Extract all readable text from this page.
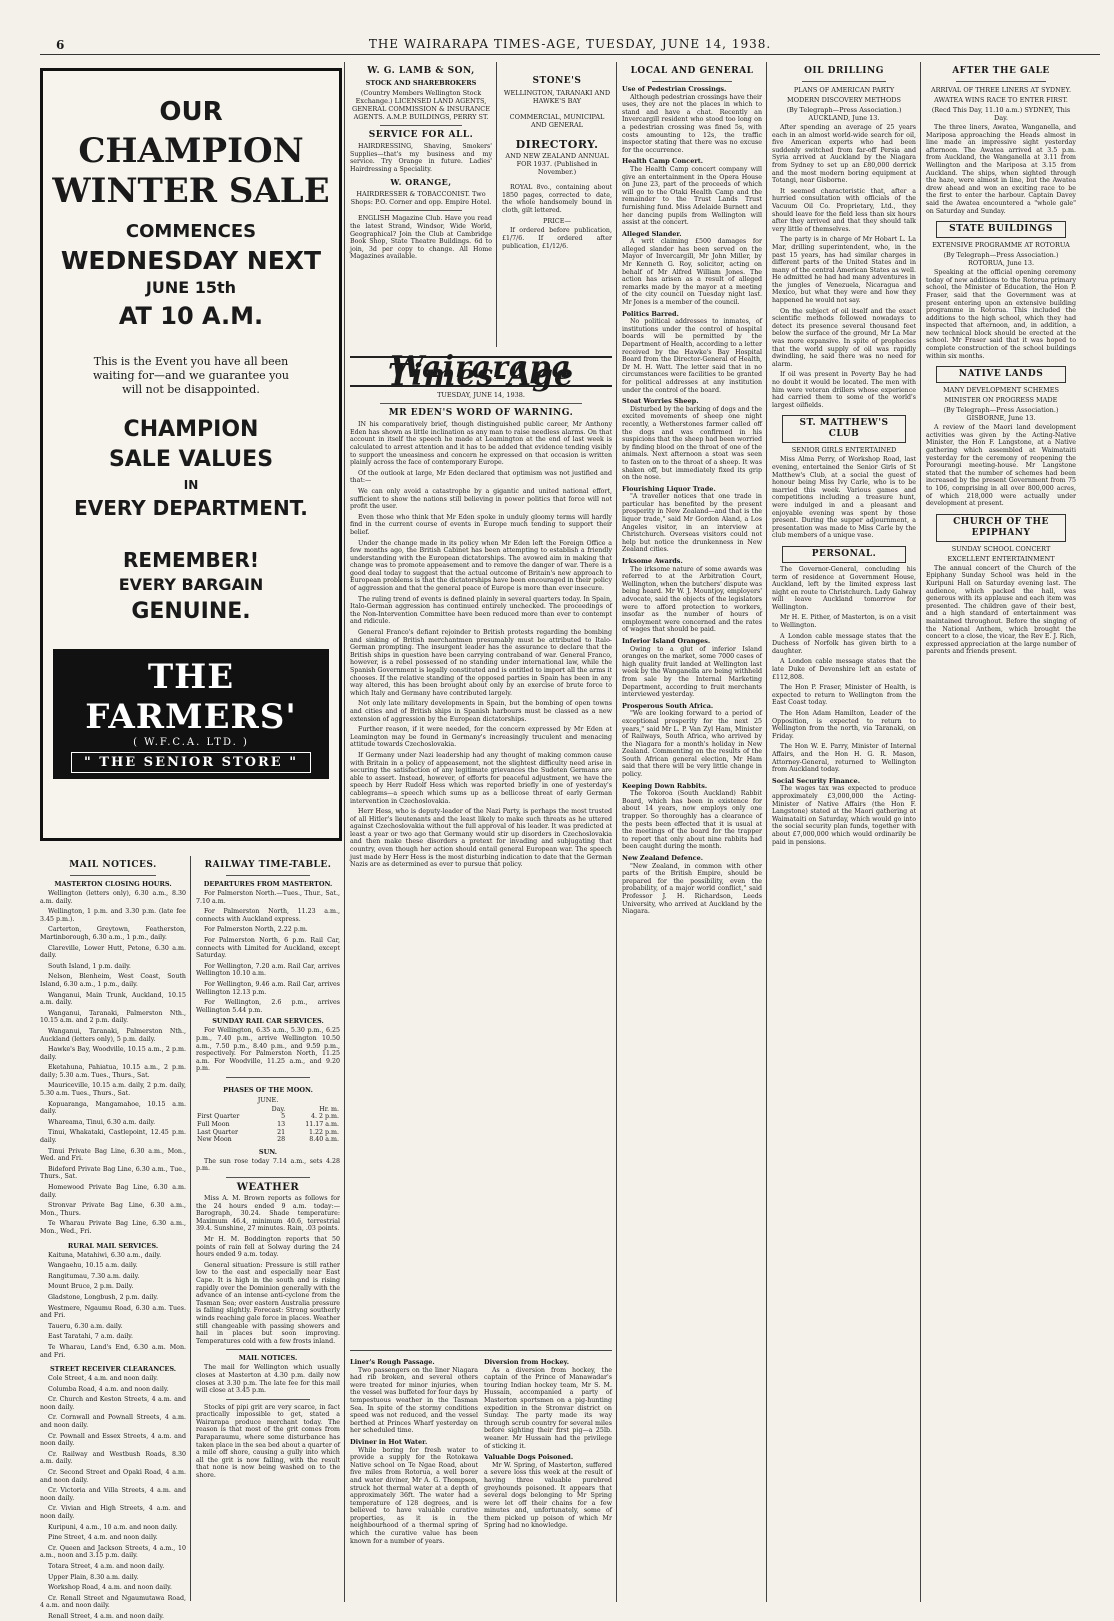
6	THE WAIRARAPA TIMES-AGE, TUESDAY, JUNE 14, 1938.
OUR
CHAMPION
WINTER SALE
COMMENCES
WEDNESDAY NEXT
JUNE 15th
AT 10 A.M.
This is the Event you have all been waiting for—and we guarantee you will not be disappointed.
CHAMPION
SALE VALUES
IN
EVERY DEPARTMENT.
REMEMBER!
EVERY BARGAIN
GENUINE.
THE FARMERS'
( W.F.C.A. LTD. )
" THE SENIOR STORE "
MAIL NOTICES.
MASTERTON CLOSING HOURS.

Wellington (letters only), 6.30 a.m., 8.30 a.m. daily.

Wellington, 1 p.m. and 3.30 p.m. (late fee 3.45 p.m.).

Carterton, Greytown, Featherston, Martinborough, 6.30 a.m., 1 p.m., daily.

Clareville, Lower Hutt, Petone, 6.30 a.m. daily.

South Island, 1 p.m. daily.

Nelson, Blenheim, West Coast, South Island, 6.30 a.m., 1 p.m., daily.

Wanganui, Main Trunk, Auckland, 10.15 a.m. daily.

Wanganui, Taranaki, Palmerston Nth., 10.15 a.m. and 2 p.m. daily.

Wanganui, Taranaki, Palmerston Nth., Auckland (letters only), 5 p.m. daily.

Hawke's Bay, Woodville, 10.15 a.m., 2 p.m. daily.

Eketahuna, Pahiatua, 10.15 a.m., 2 p.m. daily; 5.30 a.m. Tues., Thurs., Sat.

Mauriceville, 10.15 a.m. daily, 2 p.m. daily, 5.30 a.m. Tues., Thurs., Sat.

Kopuaranga, Mangamahoe, 10.15 a.m. daily.

Whareama, Tinui, 6.30 a.m. daily.

Tinui, Whakataki, Castlepoint, 12.45 p.m. daily.

Tinui Private Bag Line, 6.30 a.m., Mon., Wed. and Fri.

Bideford Private Bag Line, 6.30 a.m., Tue., Thurs., Sat.

Homewood Private Bag Line, 6.30 a.m. daily.

Stronvar Private Bag Line, 6.30 a.m., Mon., Thurs.

Te Wharau Private Bag Line, 6.30 a.m., Mon., Wed., Fri.

RURAL MAIL SERVICES.

Kaituna, Matahiwi, 6.30 a.m., daily.

Wangaehu, 10.15 a.m. daily.

Rangitumau, 7.30 a.m. daily.

Mount Bruce, 2 p.m. Daily.

Gladstone, Longbush, 2 p.m. daily.

Westmere, Ngaumu Road, 6.30 a.m. Tues. and Fri.

Taueru, 6.30 a.m. daily.

East Taratahi, 7 a.m. daily.

Te Wharau, Land's End, 6.30 a.m. Mon. and Fri.

STREET RECEIVER CLEARANCES.

Cole Street, 4 a.m. and noon daily.

Columba Road, 4 a.m. and noon daily.

Cr. Church and Keston Streets, 4 a.m. and noon daily.

Cr. Cornwall and Pownall Streets, 4 a.m. and noon daily.

Cr. Pownall and Essex Streets, 4 a.m. and noon daily.

Cr. Railway and Westbush Roads, 8.30 a.m. daily.

Cr. Second Street and Opaki Road, 4 a.m. and noon daily.

Cr. Victoria and Villa Streets, 4 a.m. and noon daily.

Cr. Vivian and High Streets, 4 a.m. and noon daily.

Kuripuni, 4 a.m., 10 a.m. and noon daily.

Pine Street, 4 a.m. and noon daily.

Cr. Queen and Jackson Streets, 4 a.m., 10 a.m., noon and 3.15 p.m. daily.

Totara Street, 4 a.m. and noon daily.

Upper Plain, 8.30 a.m. daily.

Workshop Road, 4 a.m. and noon daily.

Cr. Renall Street and Ngaumutawa Road, 4 a.m. and noon daily.

Renall Street, 4 a.m. and noon daily.

RAILWAY TIME-TABLE.
DEPARTURES FROM MASTERTON.

For Palmerston North.—Tues., Thur., Sat., 7.10 a.m.

For Palmerston North, 11.23 a.m., connects with Auckland express.

For Palmerston North, 2.22 p.m.

For Palmerston North, 6 p.m. Rail Car, connects with Limited for Auckland, except Saturday.

For Wellington, 7.20 a.m. Rail Car, arrives Wellington 10.10 a.m.

For Wellington, 9.46 a.m. Rail Car, arrives Wellington 12.13 p.m.

For Wellington, 2.6 p.m., arrives Wellington 5.44 p.m.

SUNDAY RAIL CAR SERVICES.

For Wellington, 6.35 a.m., 5.30 p.m., 6.25 p.m., 7.40 p.m., arrive Wellington 10.50 a.m., 7.50 p.m., 8.40 p.m., and 9.59 p.m., respectively. For Palmerston North, 11.25 a.m. For Woodville, 11.25 a.m., and 9.20 p.m.

PHASES OF THE MOON.
JUNE.
	Day.	Hr. m.
First Quarter	5	4. 2 p.m.
Full Moon	13	11.17 a.m.
Last Quarter	21	1.22 p.m.
New Moon	28	8.40 a.m.
SUN.

The sun rose today 7.14 a.m., sets 4.28 p.m.

WEATHER

Miss A. M. Brown reports as follows for the 24 hours ended 9 a.m. today:—Barograph, 30.24. Shade temperature: Maximum 46.4, minimum 40.6, terrestrial 39.4. Sunshine, 27 minutes. Rain, .03 points.

Mr H. M. Boddington reports that 50 points of rain fell at Solway during the 24 hours ended 9 a.m. today.

General situation: Pressure is still rather low to the east and especially near East Cape. It is high in the south and is rising rapidly over the Dominion generally with the advance of an intense anti-cyclone from the Tasman Sea; over eastern Australia pressure is falling slightly. Forecast: Strong southerly winds reaching gale force in places. Weather still changeable with passing showers and hail in places but soon improving. Temperatures cold with a few frosts inland.

MAIL NOTICES.

The mail for Wellington which usually closes at Masterton at 4.30 p.m. daily now closes at 3.30 p.m. The late fee for this mail will close at 3.45 p.m.

Stocks of pipi grit are very scarce, in fact practically impossible to get, stated a Wairarapa produce merchant today. The reason is that most of the grit comes from Paraparaumu, where some disturbance has taken place in the sea bed about a quarter of a mile off shore, causing a gully into which all the grit is now falling, with the result that none is now being washed on to the shore.

W. G. LAMB & SON,
STOCK AND SHAREBROKERS
(Country Members Wellington Stock Exchange.) LICENSED LAND AGENTS, GENERAL COMMISSION & INSURANCE AGENTS. A.M.P. BUILDINGS, PERRY ST.
SERVICE FOR ALL.

HAIRDRESSING, Shaving, Smokers' Supplies—that's my business and my service. Try Orange in future. Ladies' Hairdressing a Speciality.

W. ORANGE,
HAIRDRESSER & TOBACCONIST. Two Shops: P.O. Corner and opp. Empire Hotel.

ENGLISH Magazine Club. Have you read the latest Strand, Windsor, Wide World, Geographical? Join the Club at Cambridge Book Shop, State Theatre Buildings. 6d to join, 3d per copy to change. All Home Magazines available.

STONE'S
WELLINGTON, TARANAKI AND HAWKE'S BAY
COMMERCIAL, MUNICIPAL AND GENERAL
DIRECTORY.
AND NEW ZEALAND ANNUAL FOR 1937. (Published in November.)

ROYAL 8vo., containing about 1850 pages, corrected to date, the whole handsomely bound in cloth, gilt lettered.

PRICE—

If ordered before publication, £1/7/6. If ordered after publication, £1/12/6.

Wairarapa Times-Age
TUESDAY, JUNE 14, 1938.
MR EDEN'S WORD OF WARNING.

IN his comparatively brief, though distinguished public career, Mr Anthony Eden has shown as little inclination as any man to raise needless alarms. On that account in itself the speech he made at Leamington at the end of last week is calculated to arrest attention and it has to be added that evidence tending visibly to support the uneasiness and concern he expressed on that occasion is written plainly across the face of contemporary Europe.

Of the outlook at large, Mr Eden declared that optimism was not justified and that:—

We can only avoid a catastrophe by a gigantic and united national effort, sufficient to show the nations still believing in power politics that force will not profit the user.

Even those who think that Mr Eden spoke in unduly gloomy terms will hardly find in the current course of events in Europe much tending to support their belief.

Under the change made in its policy when Mr Eden left the Foreign Office a few months ago, the British Cabinet has been attempting to establish a friendly understanding with the European dictatorships. The avowed aim in making that change was to promote appeasement and to remove the danger of war. There is a good deal today to suggest that the actual outcome of Britain's new approach to European problems is that the dictatorships have been encouraged in their policy of aggression and that the general peace of Europe is more than ever insecure.

The ruling trend of events is defined plainly in several quarters today. In Spain, Italo-German aggression has continued entirely unchecked. The proceedings of the Non-Intervention Committee have been reduced more than ever to contempt and ridicule.

General Franco's defiant rejoinder to British protests regarding the bombing and sinking of British merchantmen presumably must be attributed to Italo-German prompting. The insurgent leader has the assurance to declare that the British ships in question have been carrying contraband of war. General Franco, however, is a rebel possessed of no standing under international law, while the Spanish Government is legally constituted and is entitled to import all the arms it chooses. If the relative standing of the opposed parties in Spain has been in any way altered, this has been brought about only by an exercise of brute force to which Italy and Germany have contributed largely.

Not only late military developments in Spain, but the bombing of open towns and cities and of British ships in Spanish harbours must be classed as a new extension of aggression by the European dictatorships.

Further reason, if it were needed, for the concern expressed by Mr Eden at Leamington may be found in Germany's increasingly truculent and menacing attitude towards Czechoslovakia.

If Germany under Nazi leadership had any thought of making common cause with Britain in a policy of appeasement, not the slightest difficulty need arise in securing the satisfaction of any legitimate grievances the Sudeten Germans are able to assert. Instead, however, of efforts for peaceful adjustment, we have the speech by Herr Rudolf Hess which was reported briefly in one of yesterday's cablegrams—a speech which sums up as a bellicose threat of early German intervention in Czechoslovakia.

Herr Hess, who is deputy-leader of the Nazi Party, is perhaps the most trusted of all Hitler's lieutenants and the least likely to make such threats as he uttered against Czechoslovakia without the full approval of his leader. It was predicted at least a year or two ago that Germany would stir up disorders in Czechoslovakia and then make these disorders a pretext for invading and subjugating that country, even though her action should entail general European war. The speech just made by Herr Hess is the most disturbing indication to date that the German Nazis are as determined as ever to pursue that policy.

Liner's Rough Passage.

Two passengers on the liner Niagara had rib broken, and several others were treated for minor injuries, when the vessel was buffeted for four days by tempestuous weather in the Tasman Sea. In spite of the stormy conditions speed was not reduced, and the vessel berthed at Princes Wharf yesterday on her scheduled time.

Diviner in Hot Water.

While boring for fresh water to provide a supply for the Rotokawa Native school on Te Ngae Road, about five miles from Rotorua, a well borer and water diviner, Mr A. G. Thompson, struck hot thermal water at a depth of approximately 36ft. The water had a temperature of 128 degrees, and is believed to have valuable curative properties, as it is in the neighbourhood of a thermal spring of which the curative value has been known for a number of years.

Diversion from Hockey.

As a diversion from hockey, the captain of the Prince of Manawadar's touring Indian hockey team, Mr S. M. Hussain, accompanied a party of Masterton sportsmen on a pig-hunting expedition in the Stronvar district on Sunday. The party made its way through scrub country for several miles before sighting their first pig—a 25lb. weaner. Mr Hussain had the privilege of sticking it.

Valuable Dogs Poisoned.

Mr W. Spring, of Masterton, suffered a severe loss this week at the result of having three valuable purebred greyhounds poisoned. It appears that several dogs belonging to Mr Spring were let off their chains for a few minutes and, unfortunately, some of them picked up poison of which Mr Spring had no knowledge.

LOCAL AND GENERAL
Use of Pedestrian Crossings.

Although pedestrian crossings have their uses, they are not the places in which to stand and have a chat. Recently an Invercargill resident who stood too long on a pedestrian crossing was fined 5s, with costs amounting to 12s, the traffic inspector stating that there was no excuse for the occurrence.

Health Camp Concert.

The Health Camp concert company will give an entertainment in the Opera House on June 23, part of the proceeds of which will go to the Otaki Health Camp and the remainder to the Trust Lands Trust furnishing fund. Miss Adelaide Burnett and her dancing pupils from Wellington will assist at the concert.

Alleged Slander.

A writ claiming £500 damages for alleged slander has been served on the Mayor of Invercargill, Mr John Miller, by Mr Kenneth G. Roy, solicitor, acting on behalf of Mr Alfred William Jones. The action has arisen as a result of alleged remarks made by the mayor at a meeting of the city council on Tuesday night last. Mr Jones is a member of the council.

Politics Barred.

No political addresses to inmates, of institutions under the control of hospital boards will be permitted by the Department of Health, according to a letter received by the Hawke's Bay Hospital Board from the Director-General of Health, Dr M. H. Watt. The letter said that in no circumstances were facilities to be granted for political addresses at any institution under the control of the board.

Stoat Worries Sheep.

Disturbed by the barking of dogs and the excited movements of sheep one night recently, a Wetherstones farmer called off the dogs and was confirmed in his suspicions that the sheep had been worried by finding blood on the throat of one of the animals. Next afternoon a stoat was seen to fasten on to the throat of a sheep. It was shaken off, but immediately fixed its grip on the nose.

Flourishing Liquor Trade.

"A traveller notices that one trade in particular has benefited by the present prosperity in New Zealand—and that is the liquor trade," said Mr Gordon Aland, a Los Angeles visitor, in an interview at Christchurch. Overseas visitors could not help but notice the drunkenness in New Zealand cities.

Irksome Awards.

The irksome nature of some awards was referred to at the Arbitration Court, Wellington, when the butchers' dispute was being heard. Mr W. J. Mountjoy, employers' advocate, said the objects of the legislators were to afford protection to workers, insofar as the number of hours of employment were concerned and the rates of wages that should be paid.

Inferior Island Oranges.

Owing to a glut of inferior Island oranges on the market, some 7000 cases of high quality fruit landed at Wellington last week by the Wanganella are being withheld from sale by the Internal Marketing Department, according to fruit merchants interviewed yesterday.

Prosperous South Africa.

"We are looking forward to a period of exceptional prosperity for the next 25 years," said Mr L. P. Van Zyl Ham, Minister of Railways, South Africa, who arrived by the Niagara for a month's holiday in New Zealand. Commenting on the results of the South African general election, Mr Ham said that there will be very little change in policy.

Keeping Down Rabbits.

The Tokoroa (South Auckland) Rabbit Board, which has been in existence for about 14 years, now employs only one trapper. So thoroughly has a clearance of the pests been effected that it is usual at the meetings of the board for the trapper to report that only about nine rabbits had been caught during the month.

New Zealand Defence.

"New Zealand, in common with other parts of the British Empire, should be prepared for the possibility, even the probability, of a major world conflict," said Professor J. H. Richardson, Leeds University, who arrived at Auckland by the Niagara.

OIL DRILLING
PLANS OF AMERICAN PARTY
MODERN DISCOVERY METHODS
(By Telegraph—Press Association.) AUCKLAND, June 13.

After spending an average of 25 years each in an almost world-wide search for oil, five American experts who had been suddenly switched from far-off Persia and Syria arrived at Auckland by the Niagara from Sydney to set up an £80,000 derrick and the most modern boring equipment at Totangi, near Gisborne.

It seemed characteristic that, after a hurried consultation with officials of the Vacuum Oil Co. Proprietary, Ltd., they should leave for the field less than six hours after they arrived and that they should talk very little of themselves.

The party is in charge of Mr Hobart L. La Mar, drilling superintendent, who, in the past 15 years, has had similar charges in different parts of the United States and in many of the central American States as well. He admitted he had had many adventures in the jungles of Venezuela, Nicaragua and Mexico, but what they were and how they happened he would not say.

On the subject of oil itself and the exact scientific methods followed nowadays to detect its presence several thousand feet below the surface of the ground, Mr La Mar was more expansive. In spite of prophecies that the world supply of oil was rapidly dwindling, he said there was no need for alarm.

If oil was present in Poverty Bay he had no doubt it would be located. The men with him were veteran drillers whose experience had carried them to some of the world's largest oilfields.

ST. MATTHEW'S CLUB
SENIOR GIRLS ENTERTAINED

Miss Alma Perry, of Workshop Road, last evening, entertained the Senior Girls of St Matthew's Club, at a social the guest of honour being Miss Ivy Carle, who is to be married this week. Various games and competitions including a treasure hunt, were indulged in and a pleasant and enjoyable evening was spent by those present. During the supper adjournment, a presentation was made to Miss Carle by the club members of a unique vase.

PERSONAL.

The Governor-General, concluding his term of residence at Government House, Auckland, left by the limited express last night en route to Christchurch. Lady Galway will leave Auckland tomorrow for Wellington.

Mr H. E. Pither, of Masterton, is on a visit to Wellington.

A London cable message states that the Duchess of Norfolk has given birth to a daughter.

A London cable message states that the late Duke of Devonshire left an estate of £112,808.

The Hon P. Fraser, Minister of Health, is expected to return to Wellington from the East Coast today.

The Hon Adam Hamilton, Leader of the Opposition, is expected to return to Wellington from the north, via Taranaki, on Friday.

The Hon W. E. Parry, Minister of Internal Affairs, and the Hon H. G. R. Mason, Attorney-General, returned to Wellington from Auckland today.

Social Security Finance.

The wages tax was expected to produce approximately £3,000,000 the Acting-Minister of Native Affairs (the Hon F. Langstone) stated at the Maori gathering at Waimataiti on Saturday, which would go into the social security plan funds, together with about £7,000,000 which would ordinarily be paid in pensions.

AFTER THE GALE
ARRIVAL OF THREE LINERS AT SYDNEY.
AWATEA WINS RACE TO ENTER FIRST.
(Recd This Day, 11.10 a.m.) SYDNEY, This Day.

The three liners, Awatea, Wanganella, and Mariposa approaching the Heads almost in line made an impressive sight yesterday afternoon. The Awatea arrived at 3.5 p.m. from Auckland, the Wanganella at 3.11 from Wellington and the Mariposa at 3.15 from Auckland. The ships, when sighted through the haze, were almost in line, but the Awatea drew ahead and won an exciting race to be the first to enter the harbour. Captain Davey said the Awatea encountered a "whole gale" on Saturday and Sunday.

STATE BUILDINGS
EXTENSIVE PROGRAMME AT ROTORUA
(By Telegraph—Press Association.) ROTORUA, June 13.

Speaking at the official opening ceremony today of new additions to the Rotorua primary school, the Minister of Education, the Hon P. Fraser, said that the Government was at present entering upon an extensive building programme in Rotorua. This included the additions to the high school, which they had inspected that afternoon, and, in addition, a new technical block should be erected at the school. Mr Fraser said that it was hoped to complete construction of the school buildings within six months.

NATIVE LANDS
MANY DEVELOPMENT SCHEMES
MINISTER ON PROGRESS MADE
(By Telegraph—Press Association.) GISBORNE, June 13.

A review of the Maori land development activities was given by the Acting-Native Minister, the Hon F. Langstone, at a Native gathering which assembled at Waimataiti yesterday for the ceremony of reopening the Porourangi meeting-house. Mr Langstone stated that the number of schemes had been increased by the present Government from 75 to 106, comprising in all over 800,000 acres, of which 218,000 were actually under development at present.

CHURCH OF THE EPIPHANY
SUNDAY SCHOOL CONCERT
EXCELLENT ENTERTAINMENT

The annual concert of the Church of the Epiphany Sunday School was held in the Kuripuni Hall on Saturday evening last. The audience, which packed the hall, was generous with its applause and each item was presented. The children gave of their best, and a high standard of entertainment was maintained throughout. Before the singing of the National Anthem, which brought the concert to a close, the vicar, the Rev E. J. Rich, expressed appreciation at the large number of parents and friends present.
